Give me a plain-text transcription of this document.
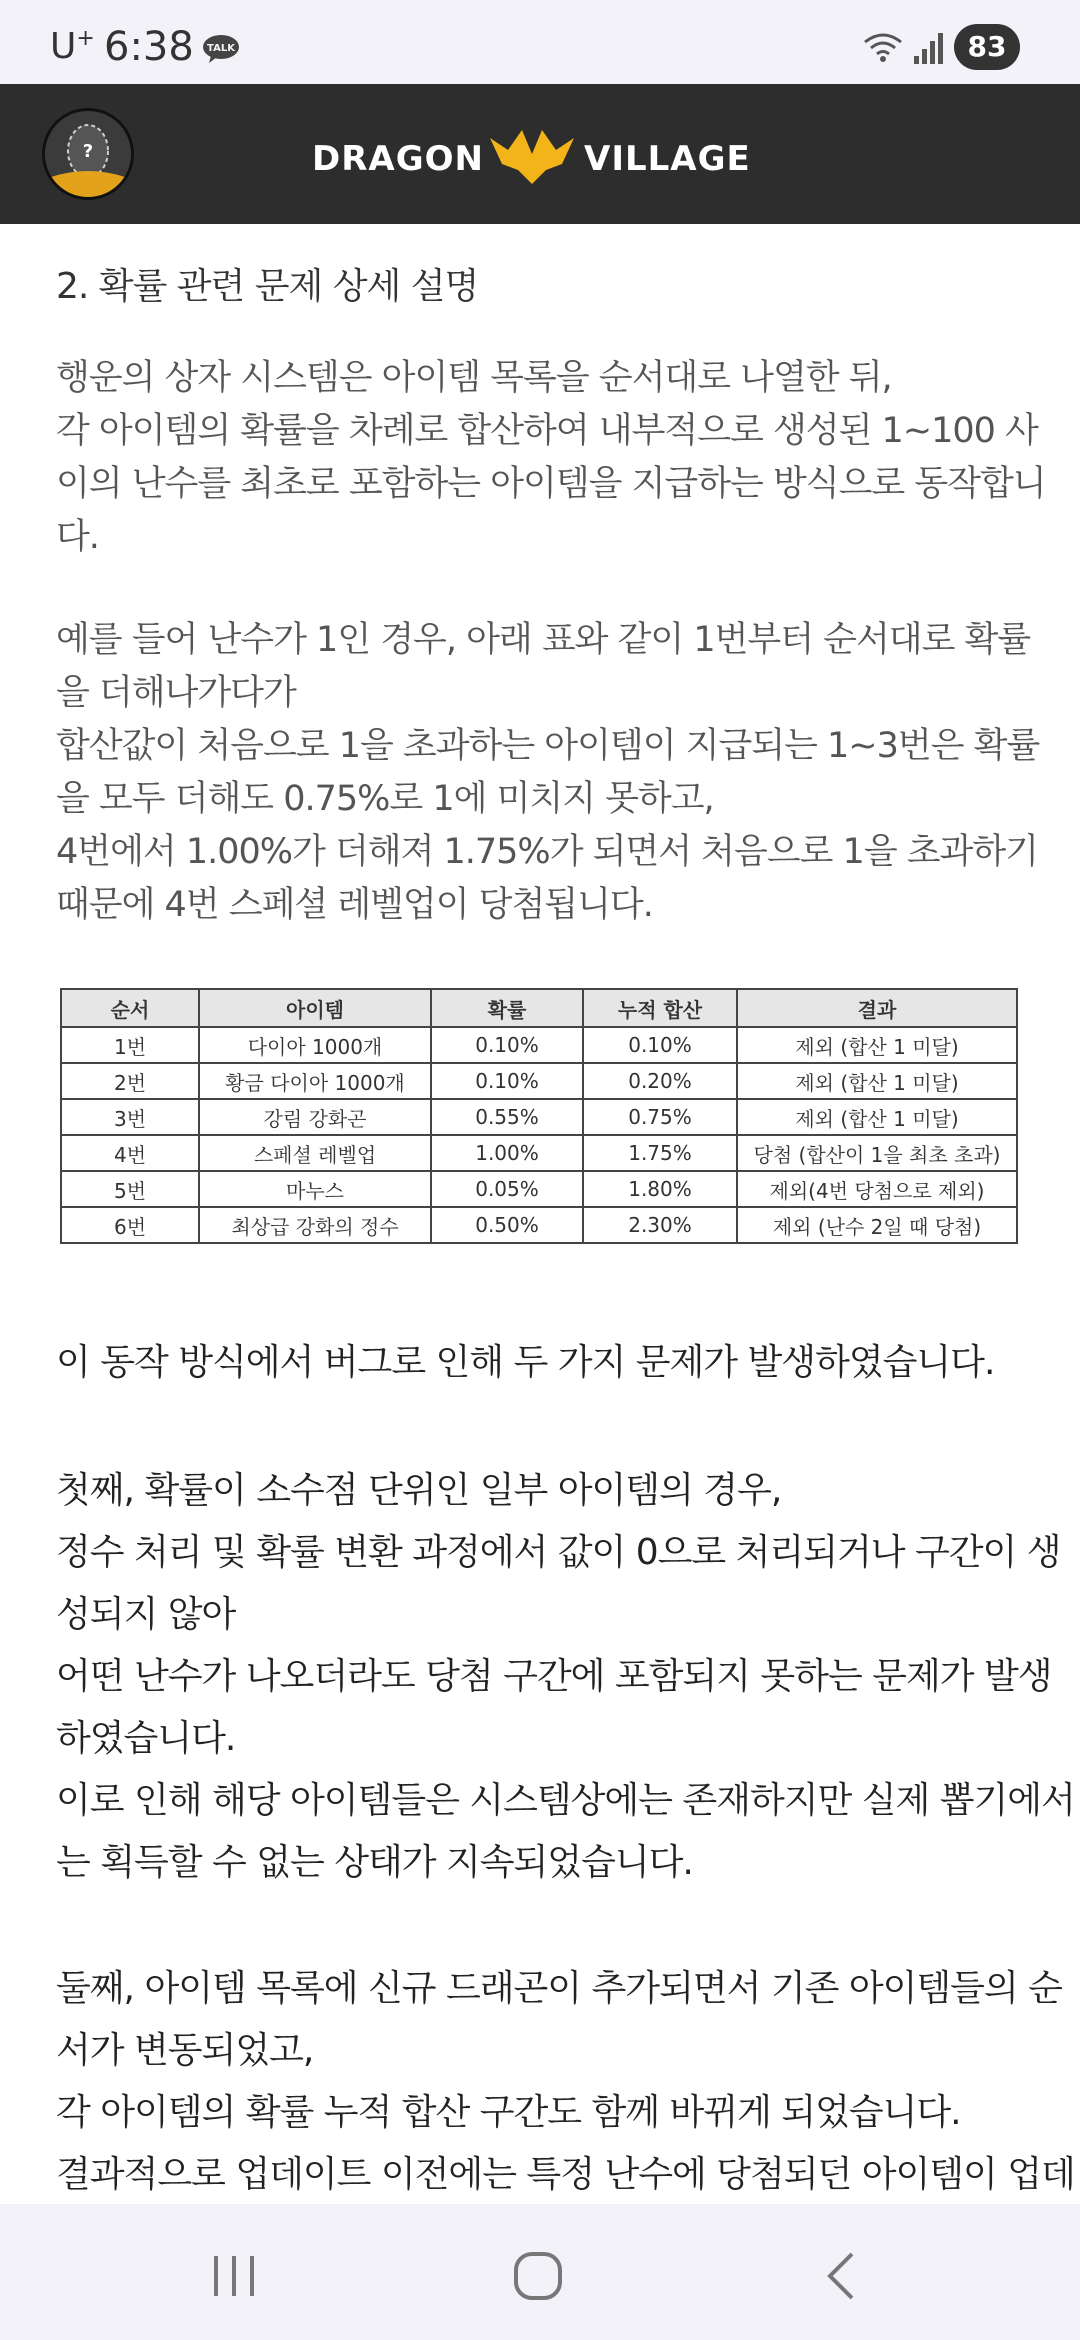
U+ 6:38 TALK	83
?	DRAGON	VILLAGE
2. 확률 관련 문제 상세 설명
행운의 상자 시스템은 아이템 목록을 순서대로 나열한 뒤,
각 아이템의 확률을 차례로 합산하여 내부적으로 생성된 1~100 사
이의 난수를 최초로 포함하는 아이템을 지급하는 방식으로 동작합니
다.
예를 들어 난수가 1인 경우, 아래 표와 같이 1번부터 순서대로 확률
을 더해나가다가
합산값이 처음으로 1을 초과하는 아이템이 지급되는 1~3번은 확률
을 모두 더해도 0.75%로 1에 미치지 못하고,
4번에서 1.00%가 더해져 1.75%가 되면서 처음으로 1을 초과하기
때문에 4번 스페셜 레벨업이 당첨됩니다.
순서	아이템	확률	누적 합산	결과
1번	다이아 1000개	0.10%	0.10%	제외 (합산 1 미달)
2번	황금 다이아 1000개	0.10%	0.20%	제외 (합산 1 미달)
3번	강림 강화곤	0.55%	0.75%	제외 (합산 1 미달)
4번	스페셜 레벨업	1.00%	1.75%	당첨 (합산이 1을 최초 초과)
5번	마누스	0.05%	1.80%	제외(4번 당첨으로 제외)
6번	최상급 강화의 정수	0.50%	2.30%	제외 (난수 2일 때 당첨)
이 동작 방식에서 버그로 인해 두 가지 문제가 발생하였습니다.
첫째, 확률이 소수점 단위인 일부 아이템의 경우,
정수 처리 및 확률 변환 과정에서 값이 0으로 처리되거나 구간이 생
성되지 않아
어떤 난수가 나오더라도 당첨 구간에 포함되지 못하는 문제가 발생
하였습니다.
이로 인해 해당 아이템들은 시스템상에는 존재하지만 실제 뽑기에서
는 획득할 수 없는 상태가 지속되었습니다.
둘째, 아이템 목록에 신규 드래곤이 추가되면서 기존 아이템들의 순
서가 변동되었고,
각 아이템의 확률 누적 합산 구간도 함께 바뀌게 되었습니다.
결과적으로 업데이트 이전에는 특정 난수에 당첨되던 아이템이 업데
